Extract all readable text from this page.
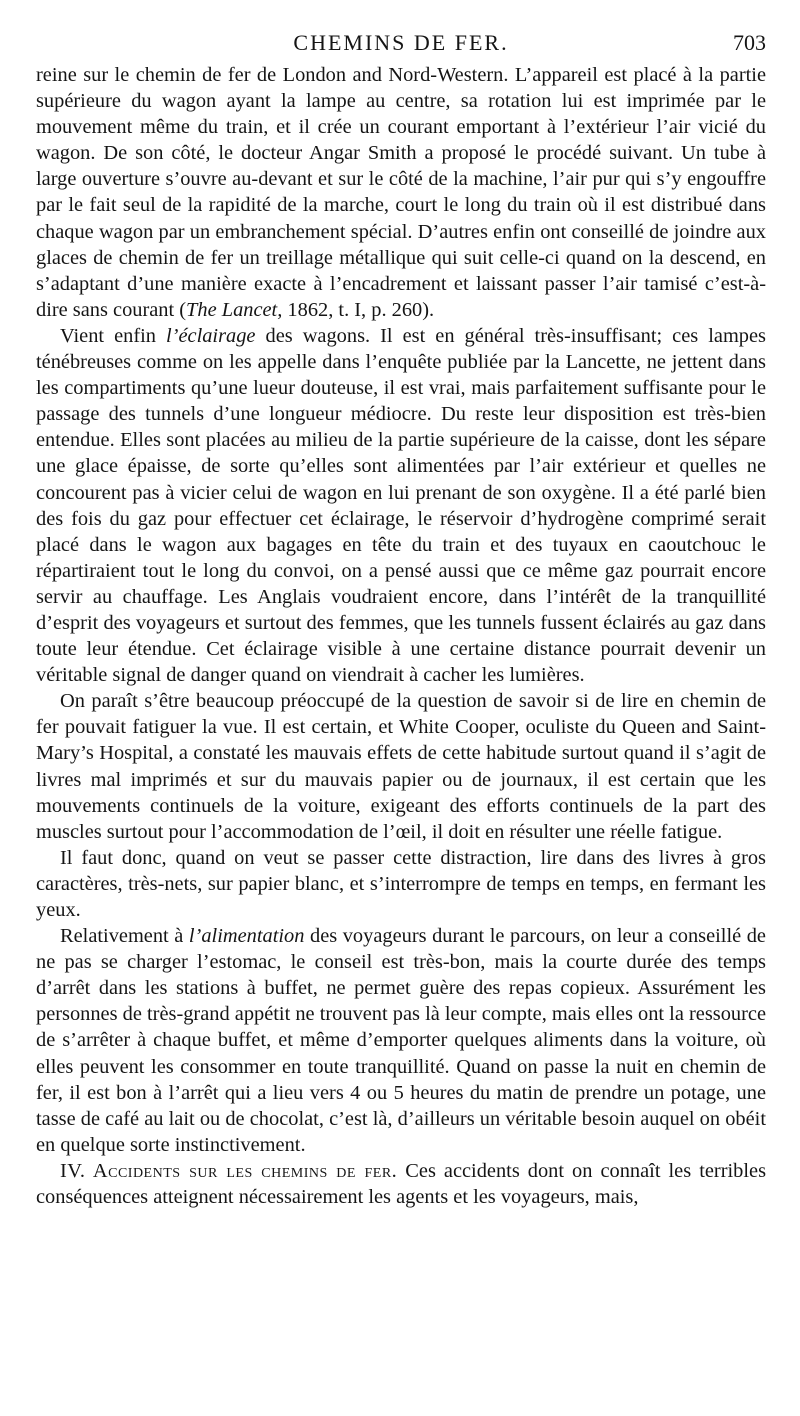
CHEMINS DE FER.	703

reine sur le chemin de fer de London and Nord-Western. L’appareil est placé à la partie supérieure du wagon ayant la lampe au centre, sa rotation lui est imprimée par le mouvement même du train, et il crée un courant emportant à l’extérieur l’air vicié du wagon. De son côté, le docteur Angar Smith a proposé le procédé suivant. Un tube à large ouverture s’ouvre au-devant et sur le côté de la machine, l’air pur qui s’y engouffre par le fait seul de la rapidité de la marche, court le long du train où il est distribué dans chaque wagon par un embranchement spécial. D’autres enfin ont conseillé de joindre aux glaces de chemin de fer un treillage métallique qui suit celle-ci quand on la descend, en s’adaptant d’une manière exacte à l’encadrement et laissant passer l’air tamisé c’est-à-dire sans courant (The Lancet, 1862, t. I, p. 260).

Vient enfin l’éclairage des wagons. Il est en général très-insuffisant; ces lampes ténébreuses comme on les appelle dans l’enquête publiée par la Lancette, ne jettent dans les compartiments qu’une lueur douteuse, il est vrai, mais parfaitement suffisante pour le passage des tunnels d’une longueur médiocre. Du reste leur disposition est très-bien entendue. Elles sont placées au milieu de la partie supérieure de la caisse, dont les sépare une glace épaisse, de sorte qu’elles sont alimentées par l’air extérieur et quelles ne concourent pas à vicier celui de wagon en lui prenant de son oxygène. Il a été parlé bien des fois du gaz pour effectuer cet éclairage, le réservoir d’hydrogène comprimé serait placé dans le wagon aux bagages en tête du train et des tuyaux en caoutchouc le répartiraient tout le long du convoi, on a pensé aussi que ce même gaz pourrait encore servir au chauffage. Les Anglais voudraient encore, dans l’intérêt de la tranquillité d’esprit des voyageurs et surtout des femmes, que les tunnels fussent éclairés au gaz dans toute leur étendue. Cet éclairage visible à une certaine distance pourrait devenir un véritable signal de danger quand on viendrait à cacher les lumières.

On paraît s’être beaucoup préoccupé de la question de savoir si de lire en chemin de fer pouvait fatiguer la vue. Il est certain, et White Cooper, oculiste du Queen and Saint-Mary’s Hospital, a constaté les mauvais effets de cette habitude surtout quand il s’agit de livres mal imprimés et sur du mauvais papier ou de journaux, il est certain que les mouvements continuels de la voiture, exigeant des efforts continuels de la part des muscles surtout pour l’accommodation de l’œil, il doit en résulter une réelle fatigue.

Il faut donc, quand on veut se passer cette distraction, lire dans des livres à gros caractères, très-nets, sur papier blanc, et s’interrompre de temps en temps, en fermant les yeux.

Relativement à l’alimentation des voyageurs durant le parcours, on leur a conseillé de ne pas se charger l’estomac, le conseil est très-bon, mais la courte durée des temps d’arrêt dans les stations à buffet, ne permet guère des repas copieux. Assurément les personnes de très-grand appétit ne trouvent pas là leur compte, mais elles ont la ressource de s’arrêter à chaque buffet, et même d’emporter quelques aliments dans la voiture, où elles peuvent les consommer en toute tranquillité. Quand on passe la nuit en chemin de fer, il est bon à l’arrêt qui a lieu vers 4 ou 5 heures du matin de prendre un potage, une tasse de café au lait ou de chocolat, c’est là, d’ailleurs un véritable besoin auquel on obéit en quelque sorte instinctivement.

IV. Accidents sur les chemins de fer. Ces accidents dont on connaît les terribles conséquences atteignent nécessairement les agents et les voyageurs, mais,
